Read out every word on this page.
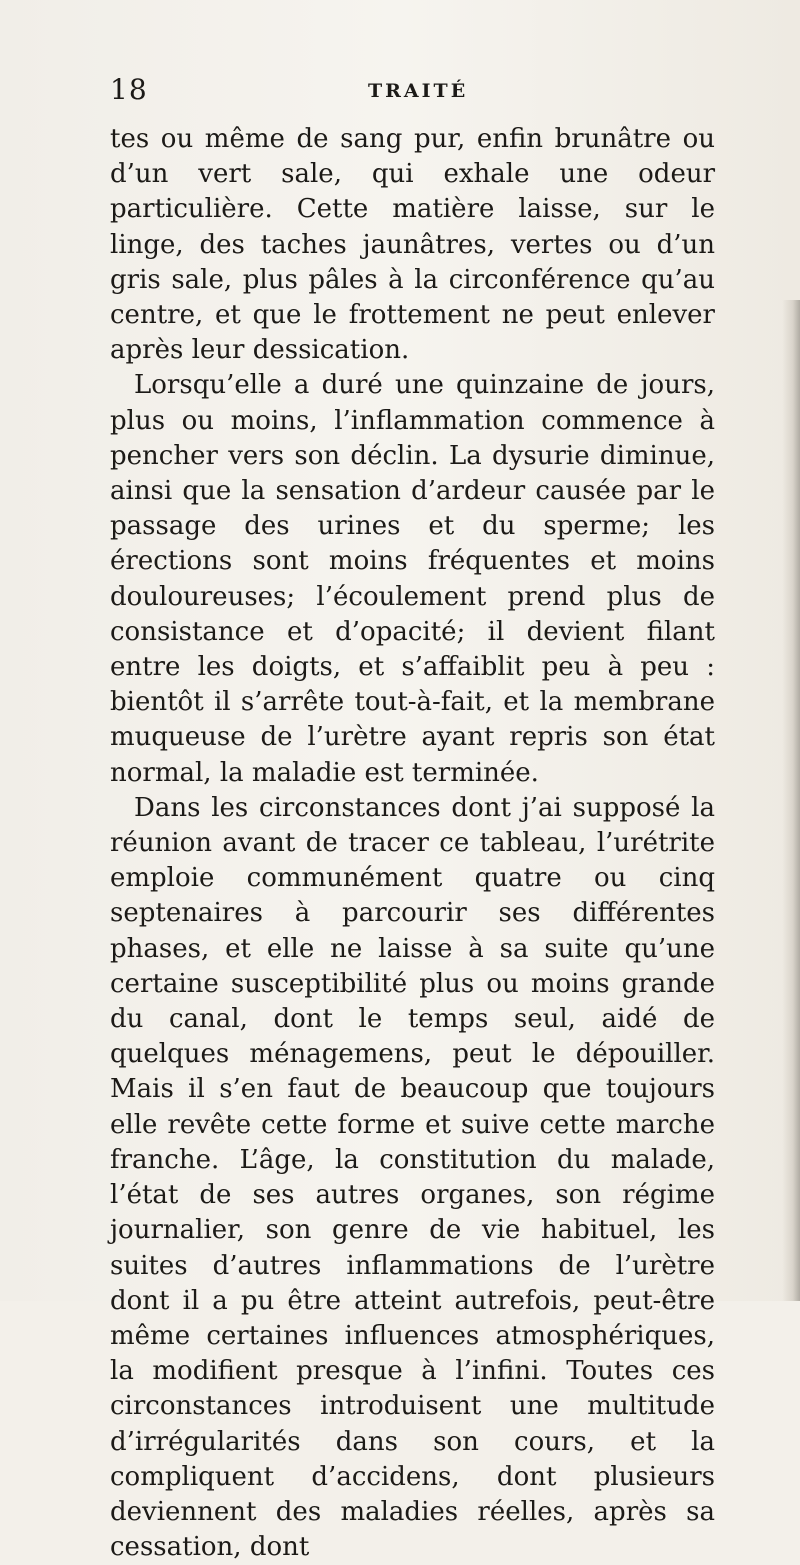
18	TRAITÉ

tes ou même de sang pur, enfin brunâtre ou d’un vert sale, qui exhale une odeur particulière. Cette matière laisse, sur le linge, des taches jaunâtres, vertes ou d’un gris sale, plus pâles à la circonférence qu’au centre, et que le frottement ne peut enlever après leur dessication.

Lorsqu’elle a duré une quinzaine de jours, plus ou moins, l’inflammation commence à pencher vers son déclin. La dysurie diminue, ainsi que la sensation d’ardeur causée par le passage des urines et du sperme; les érections sont moins fréquentes et moins douloureuses; l’écoulement prend plus de consistance et d’opacité; il devient filant entre les doigts, et s’affaiblit peu à peu : bientôt il s’arrête tout-à-fait, et la membrane muqueuse de l’urètre ayant repris son état normal, la maladie est terminée.

Dans les circonstances dont j’ai supposé la réunion avant de tracer ce tableau, l’urétrite emploie communément quatre ou cinq septenaires à parcourir ses différentes phases, et elle ne laisse à sa suite qu’une certaine susceptibilité plus ou moins grande du canal, dont le temps seul, aidé de quelques ménagemens, peut le dépouiller. Mais il s’en faut de beaucoup que toujours elle revête cette forme et suive cette marche franche. L’âge, la constitution du malade, l’état de ses autres organes, son régime journalier, son genre de vie habituel, les suites d’autres inflammations de l’urètre dont il a pu être atteint autrefois, peut-être même certaines influences atmosphériques, la modifient presque à l’infini. Toutes ces circonstances introduisent une multitude d’irrégularités dans son cours, et la compliquent d’accidens, dont plusieurs deviennent des maladies réelles, après sa cessation, dont
